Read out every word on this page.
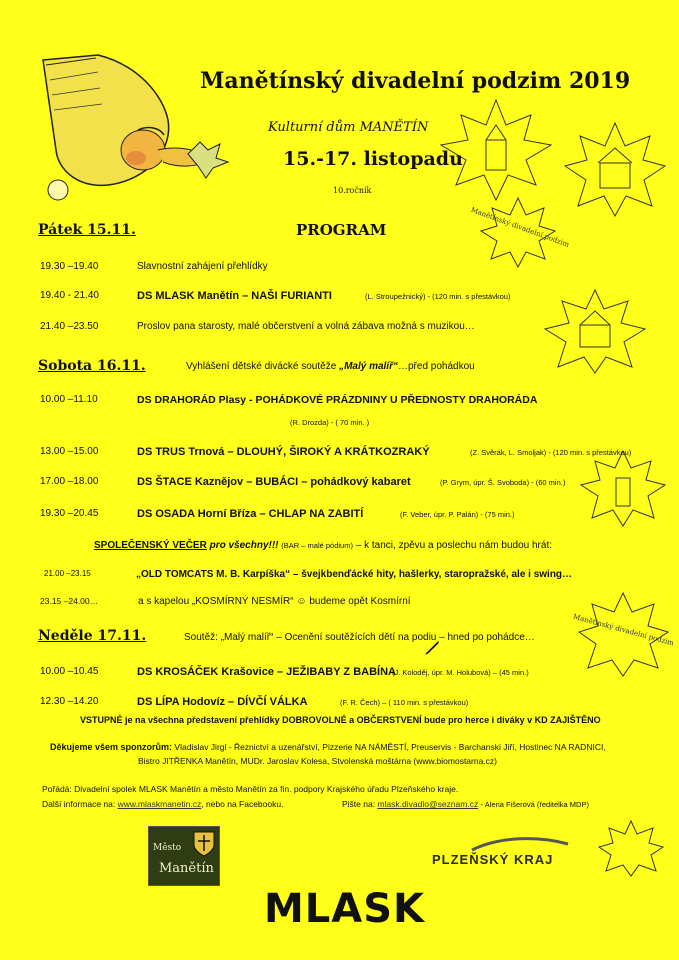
Manětínský divadelní podzim
Manětínský divadelní podzim
Manětínský divadelní podzim 2019
Kulturní dům MANĚTÍN
15.-17. listopadu
10.ročník
Pátek 15.11.	PROGRAM
19.30 –19.40	Slavnostní zahájení přehlídky
19.40 - 21.40	DS MLASK Manětín – NAŠI FURIANTI	(L. Stroupežnický) - (120 min. s přestávkou)
21.40 –23.50	Proslov pana starosty, malé občerstvení a volná zábava možná s muzikou…
Sobota 16.11.	Vyhlášení dětské divácké soutěže „Malý malíř“…před pohádkou
10.00 –11.10	DS DRAHORÁD Plasy - POHÁDKOVÉ PRÁZDNINY U PŘEDNOSTY DRAHORÁDA
(R. Drozda) - ( 70 min. )
13.00 –15.00	DS TRUS Trnová – DLOUHÝ, ŠIROKÝ A KRÁTKOZRAKÝ	(Z. Svěrák, L. Smoljak) - (120 min. s přestávkou)
17.00 –18.00	DS ŠTACE Kaznějov – BUBÁCI – pohádkový kabaret	(P. Grym, úpr. Š. Svoboda) - (60 min.)
19.30 –20.45	DS OSADA Horní Bříza – CHLAP NA ZABITÍ	(F. Veber, úpr. P. Palán) - (75 min.)
SPOLEČENSKÝ VEČER pro všechny!!! (BAR – malé pódium) – k tanci, zpěvu a poslechu nám budou hrát:
21.00 –23.15	„OLD TOMCATS M. B. Karpíška“ – švejkbenďácké hity, hašlerky, staropražské, ale i swing…
23.15 –24.00…	a s kapelou „KOSMÍRNÝ NESMÍR“ ☺ budeme opět Kosmírní
Neděle 17.11.	Soutěž: „Malý malíř“ – Ocenění soutěžících dětí na podiu – hned po pohádce…
10.00 –10.45	DS KROSÁČEK Krašovice – JEŽIBABY Z BABÍNA
(J. Koloděj, úpr. M. Holubová) – (45 min.)
12.30 –14.20	DS LÍPA Hodovíz – DÍVČÍ VÁLKA	(F. R. Čech) – ( 110 min. s přestávkou)
VSTUPNÉ je na všechna představení přehlídky DOBROVOLNÉ a OBČERSTVENÍ bude pro herce i diváky v KD ZAJIŠTĚNO
Děkujeme všem sponzorům: Vladislav Jirgl - Řeznictví a uzenářství, Pizzerie NA NÁMĚSTÍ, Preuservis - Barchanski Jiří, Hostinec NA RADNICI,
Bistro JITŘENKA Manětín, MUDr. Jaroslav Kolesa, Stvolenská moštárna (www.biomostarna.cz)
Pořádá: Divadelní spolek MLASK Manětín a město Manětín za fin. podpory Krajského úřadu Plzeňského kraje.
Další informace na: www.mlaskmanetin.cz, nebo na Facebooku.	Pište na: mlask.divadlo@seznam.cz - Alena Fišerová (ředitelka MDP)
Město
Manětín
PLZEŇSKÝ KRAJ
MLASK
